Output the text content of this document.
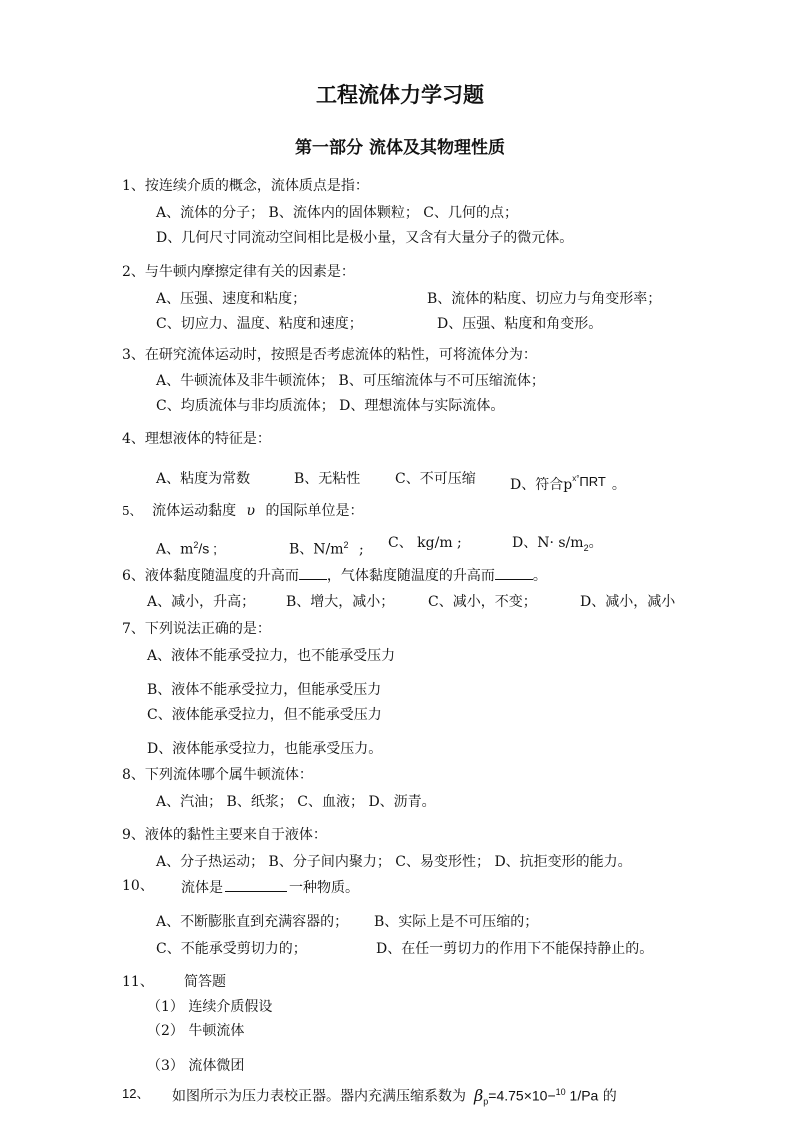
工程流体力学习题
第一部分 流体及其物理性质
1、按连续介质的概念，流体质点是指：
A、流体的分子； B、流体内的固体颗粒； C、几何的点；
D、几何尺寸同流动空间相比是极小量，又含有大量分子的微元体。
2、与牛顿内摩擦定律有关的因素是：
A、压强、速度和粘度；	B、流体的粘度、切应力与角变形率；
C、切应力、温度、粘度和速度；	D、压强、粘度和角变形。
3、在研究流体运动时，按照是否考虑流体的粘性，可将流体分为：
A、牛顿流体及非牛顿流体； B、可压缩流体与不可压缩流体；
C、均质流体与非均质流体； D、理想流体与实际流体。
4、理想液体的特征是：
A、粘度为常数	B、无粘性 C、不可压缩 D、符合$p^{x^\circ}\Pi RT$ 。
5、 流体运动黏度 υ 的国际单位是：
A、$m^2/s$ ;	B、$N/m^2$ ; C、 kg/m ;	D、$N\cdot s/m_2$。
6、液体黏度随温度的升高而 ，气体黏度随温度的升高而	。
A、减小，升高； B、增大，减小； C、减小，不变；	D、减小，减小
7、下列说法正确的是：
A、液体不能承受拉力，也不能承受压力
B、液体不能承受拉力，但能承受压力
C、液体能承受拉力，但不能承受压力
D、液体能承受拉力，也能承受压力。
8、下列流体哪个属牛顿流体：
A、汽油； B、纸浆； C、血液； D、沥青。
9、液体的黏性主要来自于液体：
A、分子热运动； B、分子间内聚力； C、易变形性； D、抗拒变形的能力。
10、 流体是	一种物质。
A、不断膨胀直到充满容器的； B、实际上是不可压缩的；
C、不能承受剪切力的；	D、在任一剪切力的作用下不能保持静止的。
11、 简答题
（1） 连续介质假设
（2） 牛顿流体
（3） 流体微团
12、 如图所示为压力表校正器。器内充满压缩系数为 $\beta_p=4.75\times 10-^{10}$ 1/Pa 的
